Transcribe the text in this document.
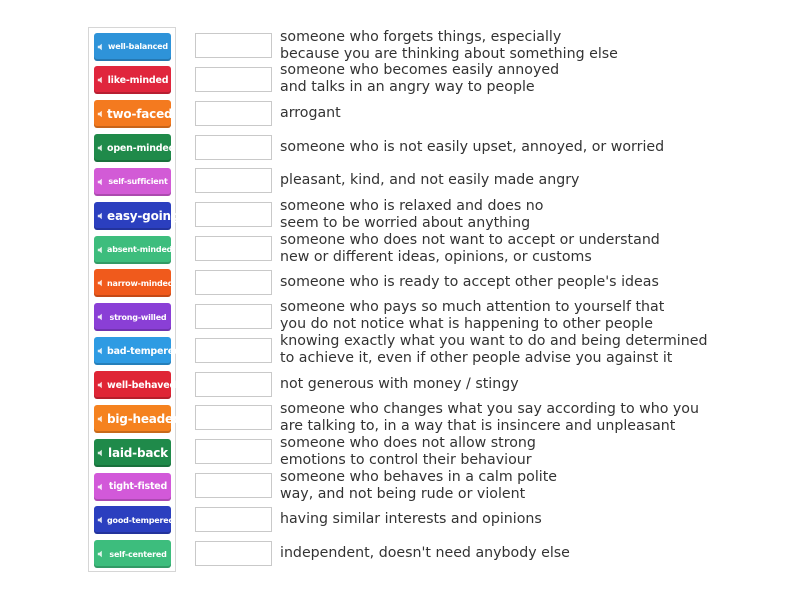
well-balanced
like-minded
two-faced
open-minded
self-sufficient
easy-going
absent-minded
narrow-minded
strong-willed
bad-tempered
well-behaved
big-headed
laid-back
tight-fisted
good-tempered
self-centered
someone who forgets things, especially
because you are thinking about something else
someone who becomes easily annoyed
and talks in an angry way to people
arrogant
someone who is not easily upset, annoyed, or worried
pleasant, kind, and not easily made angry
someone who is relaxed and does no
seem to be worried about anything
someone who does not want to accept or understand
new or different ideas, opinions, or customs
someone who is ready to accept other people's ideas
someone who pays so much attention to yourself that
you do not notice what is happening to other people
knowing exactly what you want to do and being determined
to achieve it, even if other people advise you against it
not generous with money / stingy
someone who changes what you say according to who you
are talking to, in a way that is insincere and unpleasant
someone who does not allow strong
emotions to control their behaviour
someone who behaves in a calm polite
way, and not being rude or violent
having similar interests and opinions
independent, doesn't need anybody else
